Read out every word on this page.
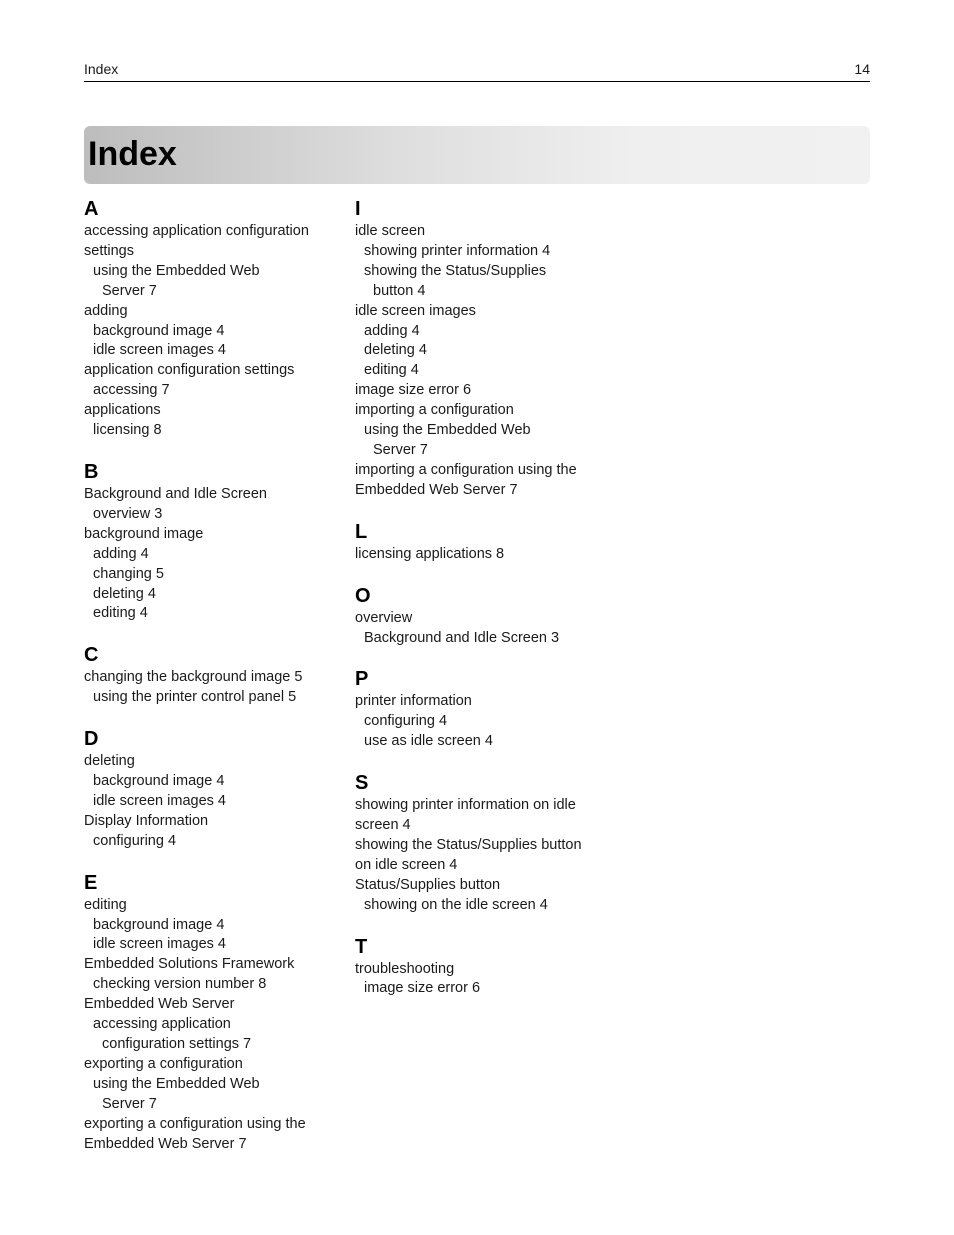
Index	14
Index
A
accessing application configuration
settings
using the Embedded Web
Server 7
adding
background image 4
idle screen images 4
application configuration settings
accessing 7
applications
licensing 8
B
Background and Idle Screen
overview 3
background image
adding 4
changing 5
deleting 4
editing 4
C
changing the background image 5
using the printer control panel 5
D
deleting
background image 4
idle screen images 4
Display Information
configuring 4
E
editing
background image 4
idle screen images 4
Embedded Solutions Framework
checking version number 8
Embedded Web Server
accessing application
configuration settings 7
exporting a configuration
using the Embedded Web
Server 7
exporting a configuration using the
Embedded Web Server 7
I
idle screen
showing printer information 4
showing the Status/Supplies
button 4
idle screen images
adding 4
deleting 4
editing 4
image size error 6
importing a configuration
using the Embedded Web
Server 7
importing a configuration using the
Embedded Web Server 7
L
licensing applications 8
O
overview
Background and Idle Screen 3
P
printer information
configuring 4
use as idle screen 4
S
showing printer information on idle
screen 4
showing the Status/Supplies button
on idle screen 4
Status/Supplies button
showing on the idle screen 4
T
troubleshooting
image size error 6
